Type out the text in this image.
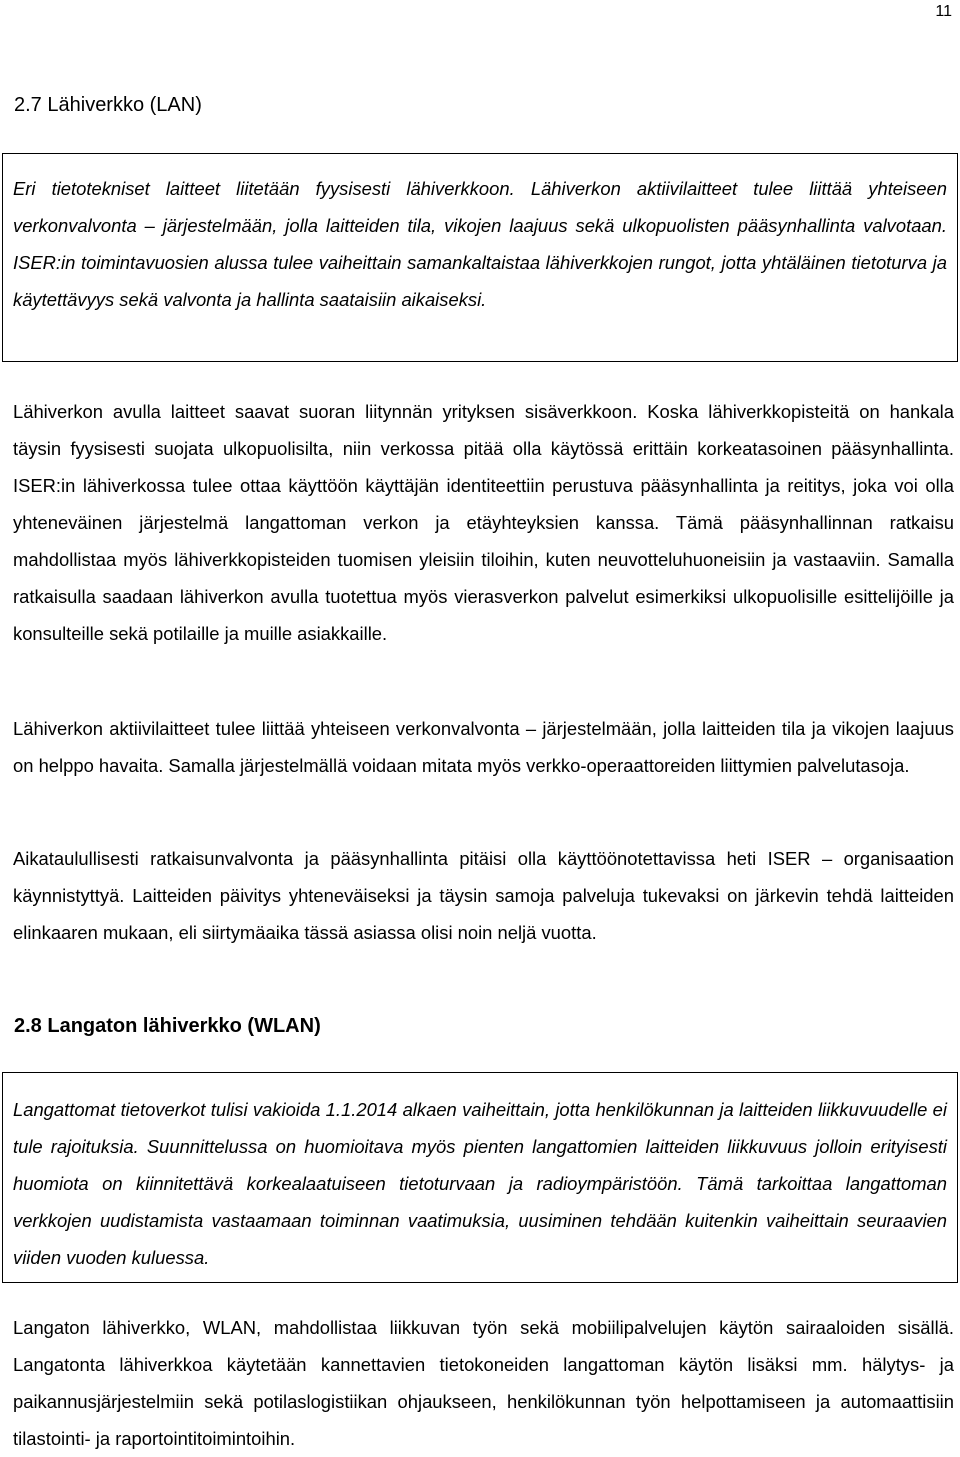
11
2.7 Lähiverkko (LAN)

Eri tietotekniset laitteet liitetään fyysisesti lähiverkkoon. Lähiverkon aktiivilaitteet tulee liittää yhteiseen verkonvalvonta – järjestelmään, jolla laitteiden tila, vikojen laajuus sekä ulkopuolisten pääsynhallinta valvotaan. ISER:in toimintavuosien alussa tulee vaiheittain samankaltaistaa lähiverkkojen rungot, jotta yhtäläinen tietoturva ja käytettävyys sekä valvonta ja hallinta saataisiin aikaiseksi.

Lähiverkon avulla laitteet saavat suoran liitynnän yrityksen sisäverkkoon. Koska lähiverkkopisteitä on hankala täysin fyysisesti suojata ulkopuolisilta, niin verkossa pitää olla käytössä erittäin korkeatasoinen pääsynhallinta. ISER:in lähiverkossa tulee ottaa käyttöön käyttäjän identiteettiin perustuva pääsynhallinta ja reititys, joka voi olla yhteneväinen järjestelmä langattoman verkon ja etäyhteyksien kanssa. Tämä pääsynhallinnan ratkaisu mahdollistaa myös lähiverkkopisteiden tuomisen yleisiin tiloihin, kuten neuvotteluhuoneisiin ja vastaaviin. Samalla ratkaisulla saadaan lähiverkon avulla tuotettua myös vierasverkon palvelut esimerkiksi ulkopuolisille esittelijöille ja konsulteille sekä potilaille ja muille asiakkaille.

Lähiverkon aktiivilaitteet tulee liittää yhteiseen verkonvalvonta – järjestelmään, jolla laitteiden tila ja vikojen laajuus on helppo havaita. Samalla järjestelmällä voidaan mitata myös verkko-operaattoreiden liittymien palvelutasoja.

Aikataulullisesti ratkaisunvalvonta ja pääsynhallinta pitäisi olla käyttöönotettavissa heti ISER – organisaation käynnistyttyä. Laitteiden päivitys yhteneväiseksi ja täysin samoja palveluja tukevaksi on järkevin tehdä laitteiden elinkaaren mukaan, eli siirtymäaika tässä asiassa olisi noin neljä vuotta.

2.8 Langaton lähiverkko (WLAN)

Langattomat tietoverkot tulisi vakioida 1.1.2014 alkaen vaiheittain, jotta henkilökunnan ja laitteiden liikkuvuudelle ei tule rajoituksia. Suunnittelussa on huomioitava myös pienten langattomien laitteiden liikkuvuus jolloin erityisesti huomiota on kiinnitettävä korkealaatuiseen tietoturvaan ja radioympäristöön. Tämä tarkoittaa langattoman verkkojen uudistamista vastaamaan toiminnan vaatimuksia, uusiminen tehdään kuitenkin vaiheittain seuraavien viiden vuoden kuluessa.

Langaton lähiverkko, WLAN, mahdollistaa liikkuvan työn sekä mobiilipalvelujen käytön sairaaloiden sisällä. Langatonta lähiverkkoa käytetään kannettavien tietokoneiden langattoman käytön lisäksi mm. hälytys- ja paikannusjärjestelmiin sekä potilaslogistiikan ohjaukseen, henkilökunnan työn helpottamiseen ja automaattisiin tilastointi- ja raportointitoimintoihin.
